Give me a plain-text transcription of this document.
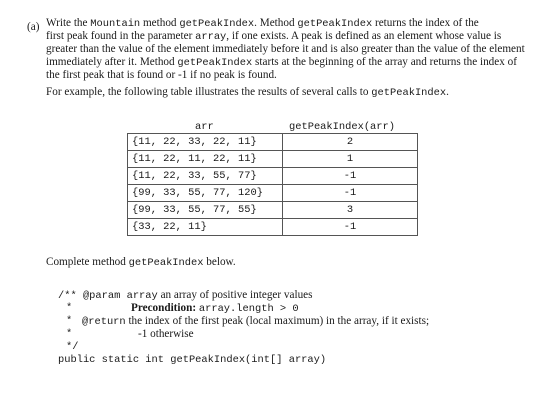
(a) Write the Mountain method getPeakIndex. Method getPeakIndex returns the index of the
first peak found in the parameter array, if one exists. A peak is defined as an element whose value is
greater than the value of the element immediately before it and is also greater than the value of the element
immediately after it. Method getPeakIndex starts at the beginning of the array and returns the index of
the first peak that is found or -1 if no peak is found.
For example, the following table illustrates the results of several calls to getPeakIndex.
arr	getPeakIndex(arr)
{11, 22, 33, 22, 11}	2
{11, 22, 11, 22, 11}	1
{11, 22, 33, 55, 77}	-1
{99, 33, 55, 77, 120}	-1
{99, 33, 55, 77, 55}	3
{33, 22, 11}	-1
Complete method getPeakIndex below.
/** @param array an array of positive integer values
*	Precondition: array.length > 0
* @return the index of the first peak (local maximum) in the array, if it exists;
*	-1 otherwise
*/
public static int getPeakIndex(int[] array)
